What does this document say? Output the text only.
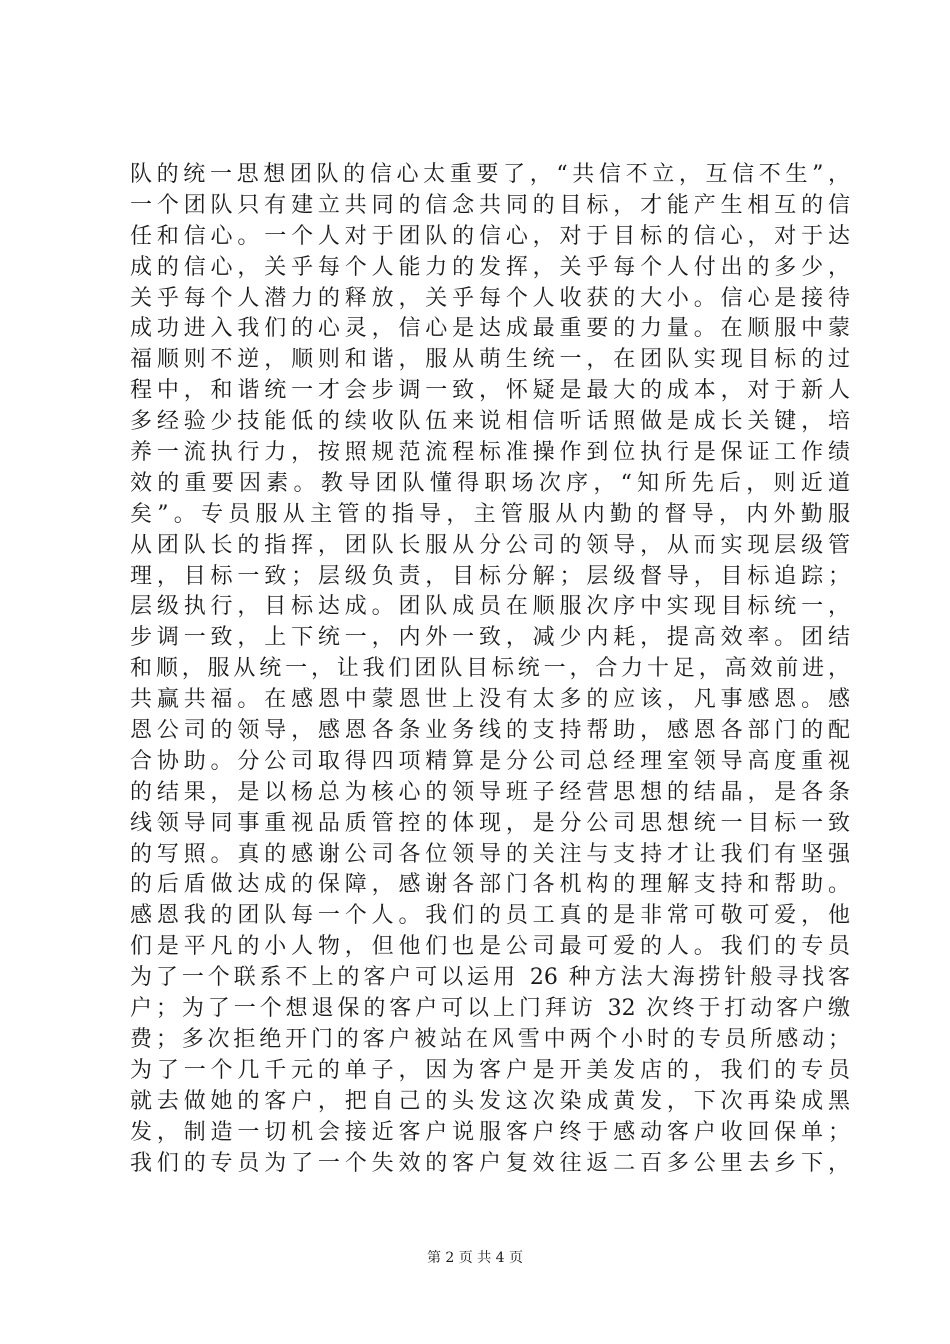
队的统一思想团队的信心太重要了，“共信不立，互信不生”，
一个团队只有建立共同的信念共同的目标，才能产生相互的信
任和信心。一个人对于团队的信心，对于目标的信心，对于达
成的信心，关乎每个人能力的发挥，关乎每个人付出的多少，
关乎每个人潜力的释放，关乎每个人收获的大小。信心是接待
成功进入我们的心灵，信心是达成最重要的力量。在顺服中蒙
福顺则不逆，顺则和谐，服从萌生统一，在团队实现目标的过
程中，和谐统一才会步调一致，怀疑是最大的成本，对于新人
多经验少技能低的续收队伍来说相信听话照做是成长关键，培
养一流执行力，按照规范流程标准操作到位执行是保证工作绩
效的重要因素。教导团队懂得职场次序，“知所先后，则近道
矣”。专员服从主管的指导，主管服从内勤的督导，内外勤服
从团队长的指挥，团队长服从分公司的领导，从而实现层级管
理，目标一致；层级负责，目标分解；层级督导，目标追踪；
层级执行，目标达成。团队成员在顺服次序中实现目标统一，
步调一致，上下统一，内外一致，减少内耗，提高效率。团结
和顺，服从统一，让我们团队目标统一，合力十足，高效前进，
共赢共福。在感恩中蒙恩世上没有太多的应该，凡事感恩。感
恩公司的领导，感恩各条业务线的支持帮助，感恩各部门的配
合协助。分公司取得四项精算是分公司总经理室领导高度重视
的结果，是以杨总为核心的领导班子经营思想的结晶，是各条
线领导同事重视品质管控的体现，是分公司思想统一目标一致
的写照。真的感谢公司各位领导的关注与支持才让我们有坚强
的后盾做达成的保障，感谢各部门各机构的理解支持和帮助。
感恩我的团队每一个人。我们的员工真的是非常可敬可爱，他
们是平凡的小人物，但他们也是公司最可爱的人。我们的专员
为了一个联系不上的客户可以运用 26 种方法大海捞针般寻找客
户；为了一个想退保的客户可以上门拜访 32 次终于打动客户缴
费；多次拒绝开门的客户被站在风雪中两个小时的专员所感动；
为了一个几千元的单子，因为客户是开美发店的，我们的专员
就去做她的客户，把自己的头发这次染成黄发，下次再染成黑
发，制造一切机会接近客户说服客户终于感动客户收回保单；
我们的专员为了一个失效的客户复效往返二百多公里去乡下，
第 2 页 共 4 页
